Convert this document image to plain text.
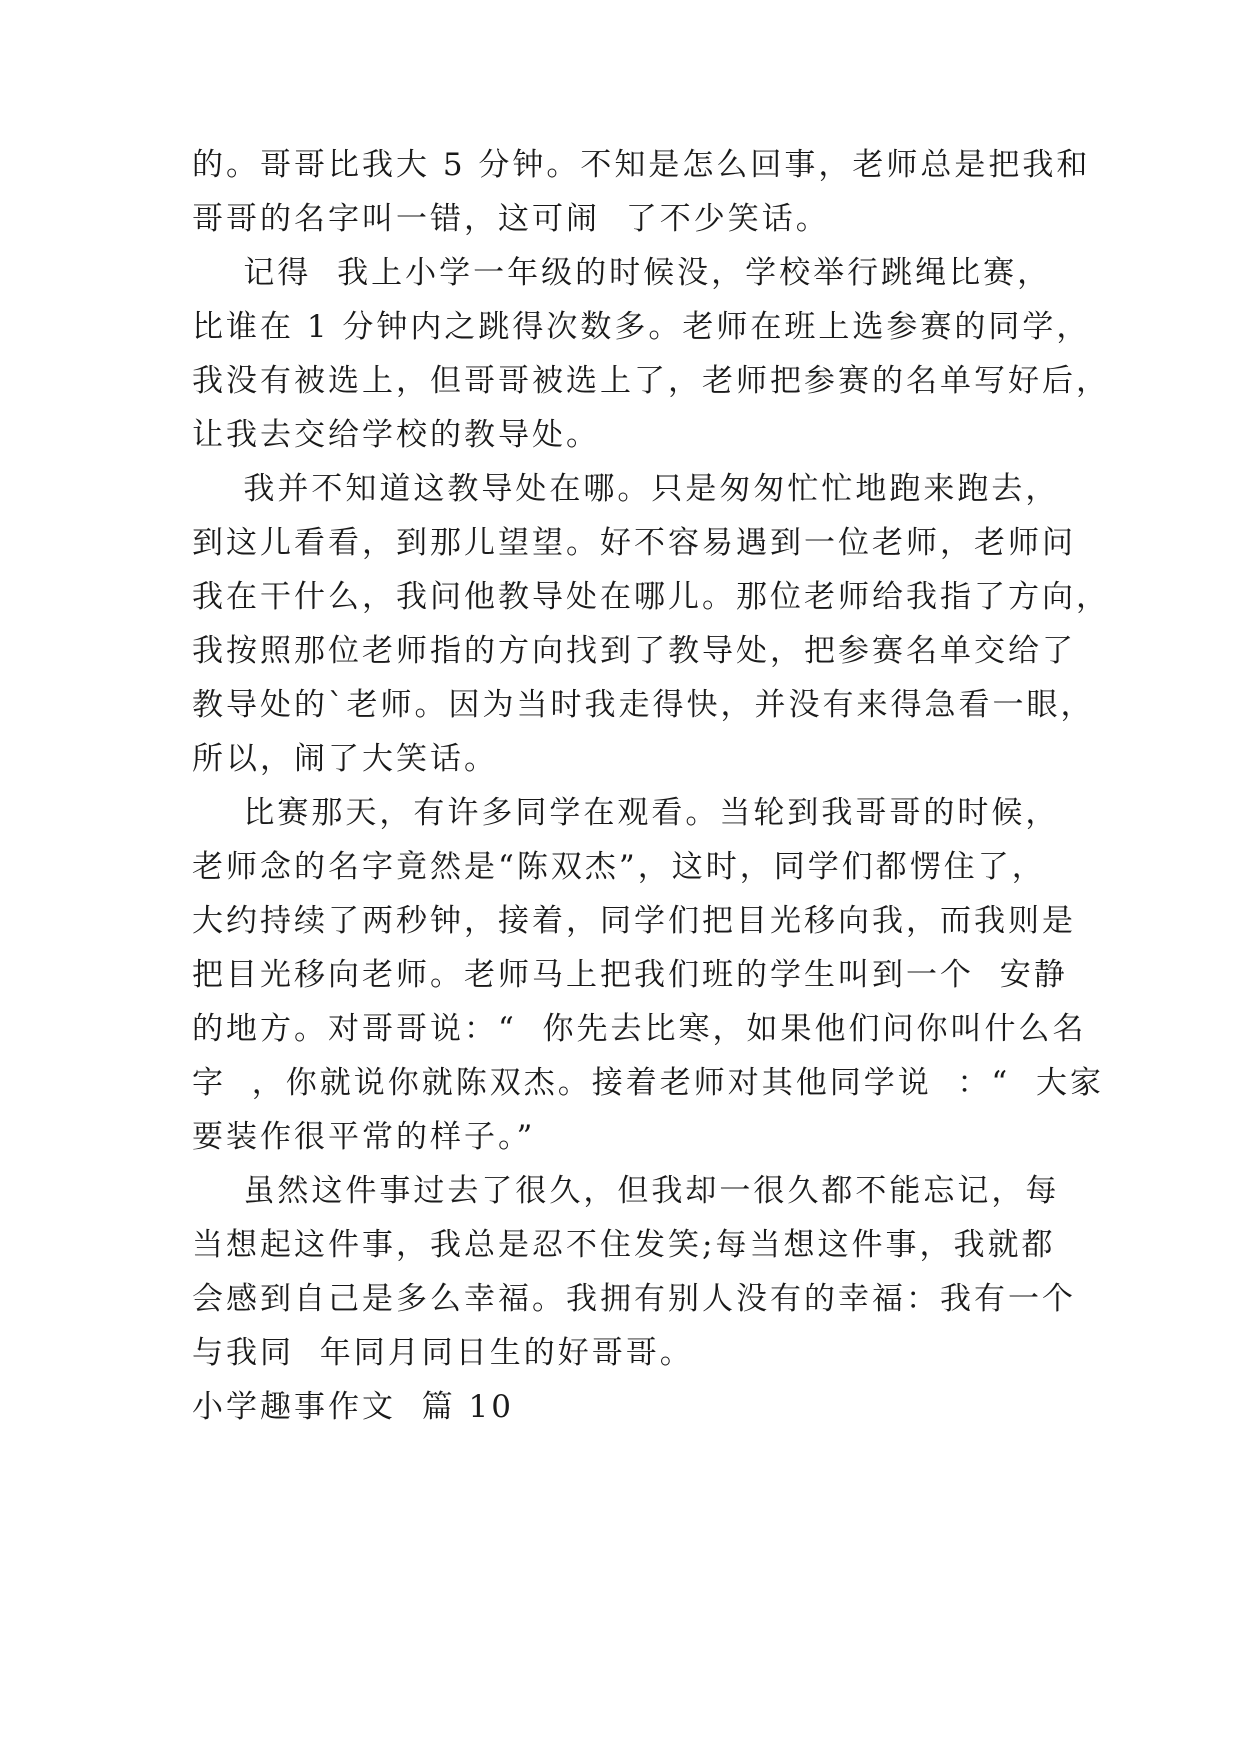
的。哥哥比我大 5 分钟。不知是怎么回事，老师总是把我和
哥哥的名字叫一错，这可闹  了不少笑话。
记得  我上小学一年级的时候没，学校举行跳绳比赛，
比谁在 1 分钟内之跳得次数多。老师在班上选参赛的同学，
我没有被选上，但哥哥被选上了，老师把参赛的名单写好后，
让我去交给学校的教导处。
我并不知道这教导处在哪。只是匆匆忙忙地跑来跑去，
到这儿看看，到那儿望望。好不容易遇到一位老师，老师问
我在干什么，我问他教导处在哪儿。那位老师给我指了方向，
我按照那位老师指的方向找到了教导处，把参赛名单交给了
教导处的`老师。因为当时我走得快，并没有来得急看一眼，
所以，闹了大笑话。
比赛那天，有许多同学在观看。当轮到我哥哥的时候，
老师念的名字竟然是“陈双杰”，这时，同学们都愣住了，
大约持续了两秒钟，接着，同学们把目光移向我，而我则是
把目光移向老师。老师马上把我们班的学生叫到一个  安静
的地方。对哥哥说：“  你先去比寒，如果他们问你叫什么名
字  ，你就说你就陈双杰。接着老师对其他同学说  ：“  大家
要装作很平常的样子。”
虽然这件事过去了很久，但我却一很久都不能忘记，每
当想起这件事，我总是忍不住发笑;每当想这件事，我就都
会感到自己是多么幸福。我拥有别人没有的幸福：我有一个
与我同  年同月同日生的好哥哥。
小学趣事作文  篇 10
